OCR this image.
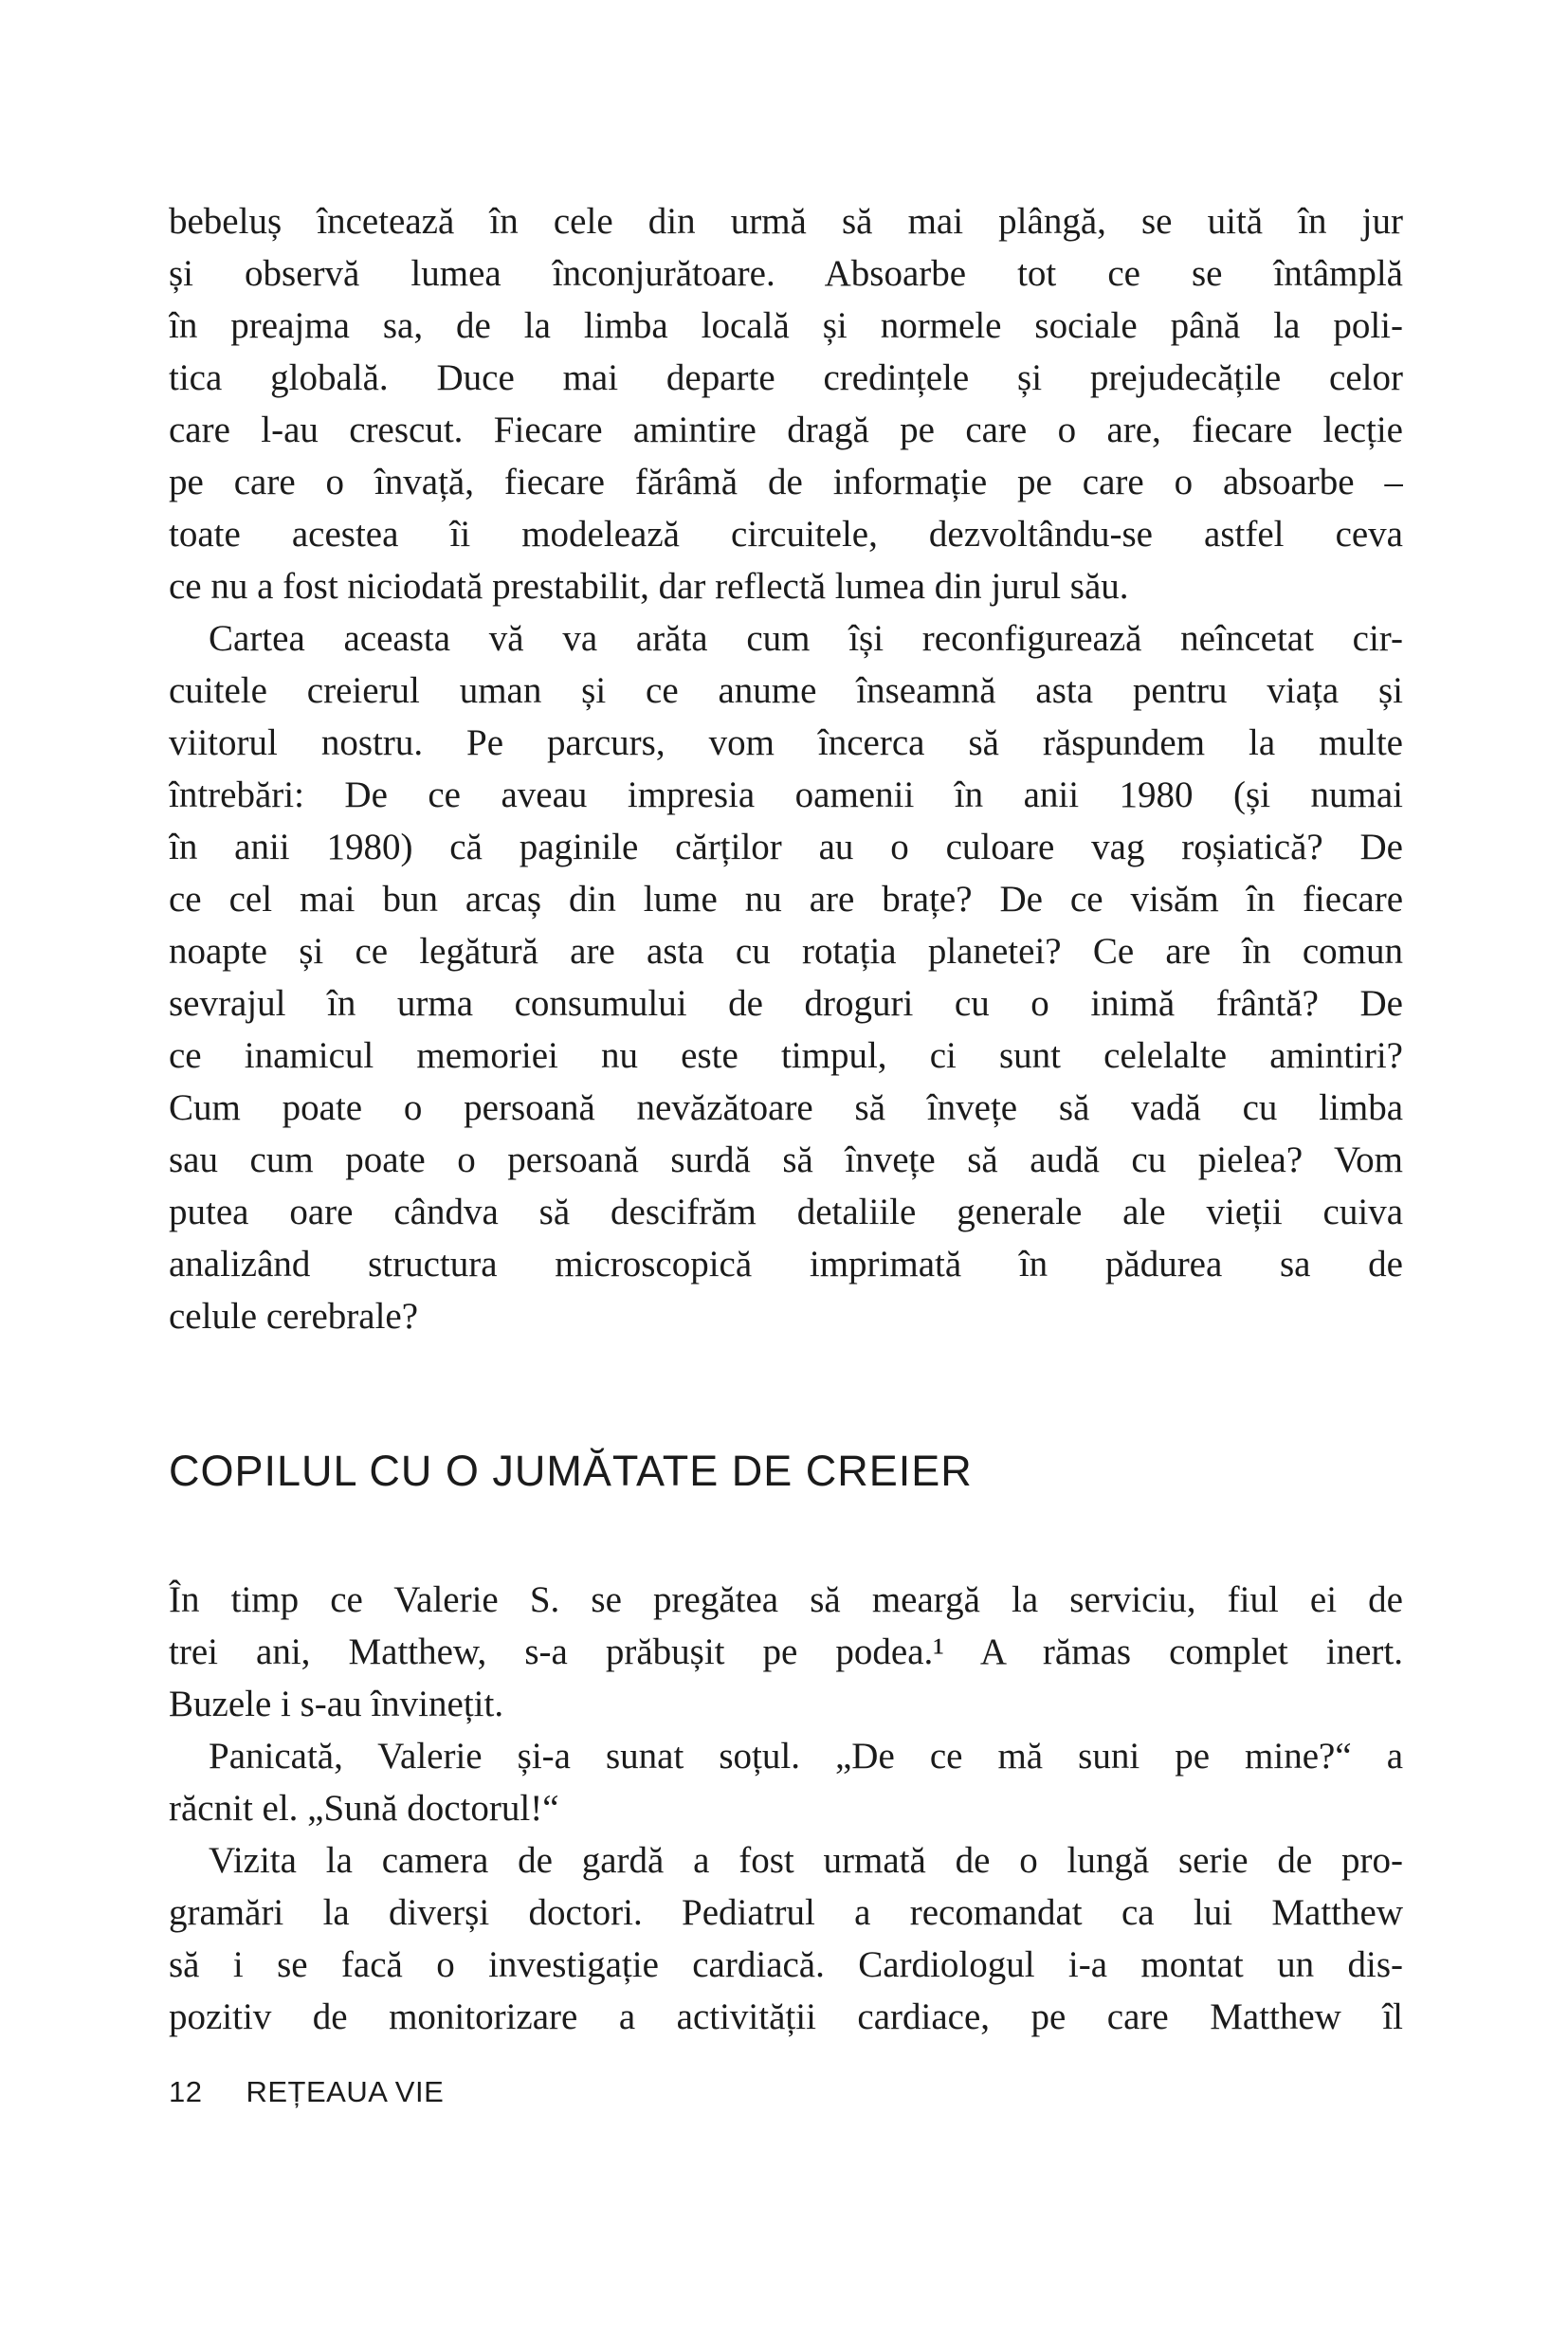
bebeluș încetează în cele din urmă să mai plângă, se uită în jur
și observă lumea înconjurătoare. Absoarbe tot ce se întâmplă
în preajma sa, de la limba locală și normele sociale până la poli-
tica globală. Duce mai departe credințele și prejudecățile celor
care l-au crescut. Fiecare amintire dragă pe care o are, fiecare lecție
pe care o învață, fiecare fărâmă de informație pe care o absoarbe –
toate acestea îi modelează circuitele, dezvoltându-se astfel ceva
ce nu a fost niciodată prestabilit, dar reflectă lumea din jurul său.
Cartea aceasta vă va arăta cum își reconfigurează neîncetat cir-
cuitele creierul uman și ce anume înseamnă asta pentru viața și
viitorul nostru. Pe parcurs, vom încerca să răspundem la multe
întrebări: De ce aveau impresia oamenii în anii 1980 (și numai
în anii 1980) că paginile cărților au o culoare vag roșiatică? De
ce cel mai bun arcaș din lume nu are brațe? De ce visăm în fiecare
noapte și ce legătură are asta cu rotația planetei? Ce are în comun
sevrajul în urma consumului de droguri cu o inimă frântă? De
ce inamicul memoriei nu este timpul, ci sunt celelalte amintiri?
Cum poate o persoană nevăzătoare să învețe să vadă cu limba
sau cum poate o persoană surdă să învețe să audă cu pielea? Vom
putea oare cândva să descifrăm detaliile generale ale vieții cuiva
analizând structura microscopică imprimată în pădurea sa de
celule cerebrale?
COPILUL CU O JUMĂTATE DE CREIER
În timp ce Valerie S. se pregătea să meargă la serviciu, fiul ei de
trei ani, Matthew, s-a prăbușit pe podea.¹ A rămas complet inert.
Buzele i s-au învinețit.
Panicată, Valerie și-a sunat soțul. „De ce mă suni pe mine?“ a
răcnit el. „Sună doctorul!“
Vizita la camera de gardă a fost urmată de o lungă serie de pro-
gramări la diverși doctori. Pediatrul a recomandat ca lui Matthew
să i se facă o investigație cardiacă. Cardiologul i-a montat un dis-
pozitiv de monitorizare a activității cardiace, pe care Matthew îl
12 REȚEAUA VIE
